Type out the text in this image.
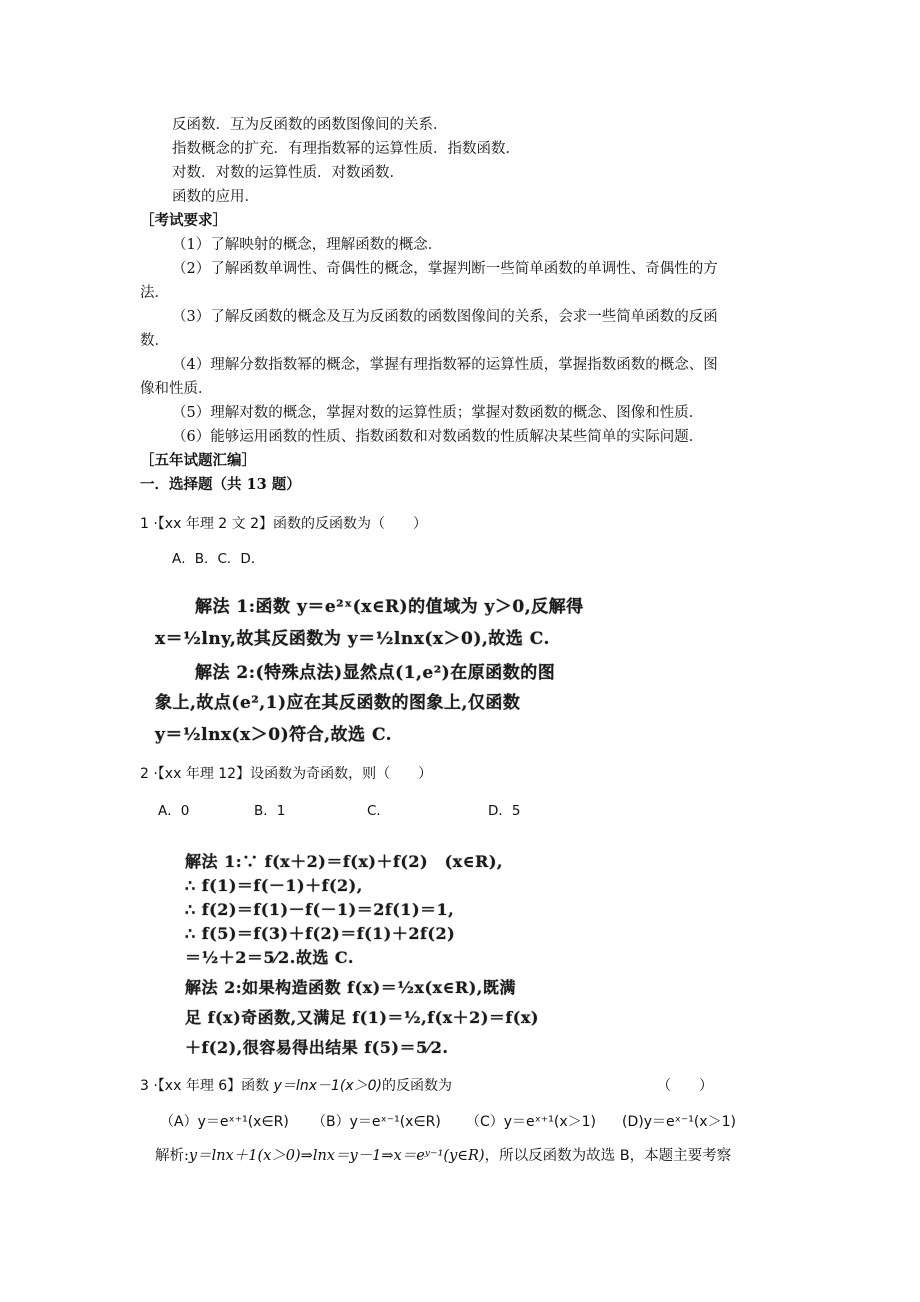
反函数．互为反函数的函数图像间的关系．
指数概念的扩充．有理指数幂的运算性质．指数函数．
对数．对数的运算性质．对数函数．
函数的应用．
［考试要求］
（1）了解映射的概念，理解函数的概念．
（2）了解函数单调性、奇偶性的概念，掌握判断一些简单函数的单调性、奇偶性的方
法．
（3）了解反函数的概念及互为反函数的函数图像间的关系，会求一些简单函数的反函
数．
（4）理解分数指数幂的概念，掌握有理指数幂的运算性质，掌握指数函数的概念、图
像和性质．
（5）理解对数的概念，掌握对数的运算性质；掌握对数函数的概念、图像和性质．
（6）能够运用函数的性质、指数函数和对数函数的性质解决某些简单的实际问题．
［五年试题汇编］
一．选择题（共 13 题）
1 ·【xx 年理 2 文 2】函数的反函数为（　　）
A．B．C．D．
解法 1:函数 y＝e²ˣ(x∈R)的值域为 y＞0,反解得
x＝½lny,故其反函数为 y＝½lnx(x＞0),故选 C.
解法 2:(特殊点法)显然点(1,e²)在原函数的图
象上,故点(e²,1)应在其反函数的图象上,仅函数
y＝½lnx(x＞0)符合,故选 C.
2 ·【xx 年理 12】设函数为奇函数，则（　　）
A．0	B．1	C．	D．5
解法 1:∵ f(x＋2)＝f(x)＋f(2)　(x∈R),
∴ f(1)＝f(－1)＋f(2),
∴ f(2)＝f(1)－f(－1)＝2f(1)＝1,
∴ f(5)＝f(3)＋f(2)＝f(1)＋2f(2)
＝½＋2＝5⁄2.故选 C.
解法 2:如果构造函数 f(x)＝½x(x∈R),既满
足 f(x)奇函数,又满足 f(1)＝½,f(x＋2)＝f(x)
＋f(2),很容易得出结果 f(5)＝5⁄2.
3 ·【xx 年理 6】函数 y＝lnx－1(x＞0)的反函数为	（　　）
（A）y＝eˣ⁺¹(x∈R) （B）y＝eˣ⁻¹(x∈R) （C）y＝eˣ⁺¹(x＞1) (D)y＝eˣ⁻¹(x＞1)
解析:y＝lnx＋1(x＞0)⇒lnx＝y－1⇒x＝eʸ⁻¹(y∈R)，所以反函数为故选 B，本题主要考察
